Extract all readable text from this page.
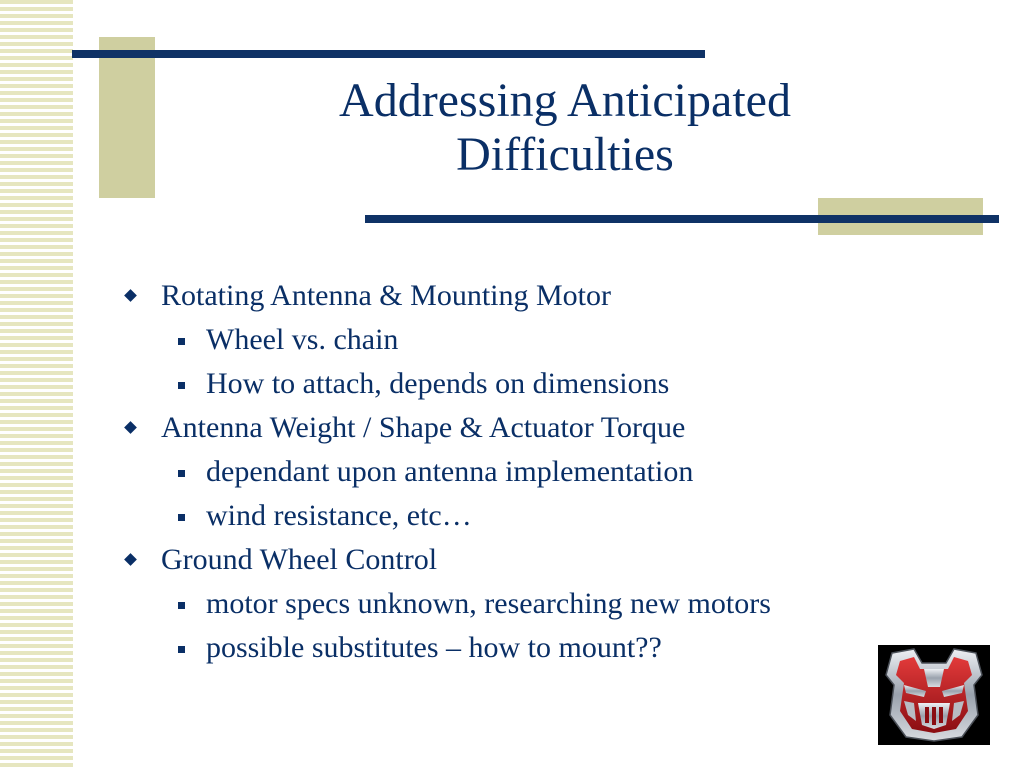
Addressing Anticipated
Difficulties
Rotating Antenna & Mounting Motor
Wheel vs. chain
How to attach, depends on dimensions
Antenna Weight / Shape & Actuator Torque
dependant upon antenna implementation
wind resistance, etc…
Ground Wheel Control
motor specs unknown, researching new motors
possible substitutes – how to mount??
